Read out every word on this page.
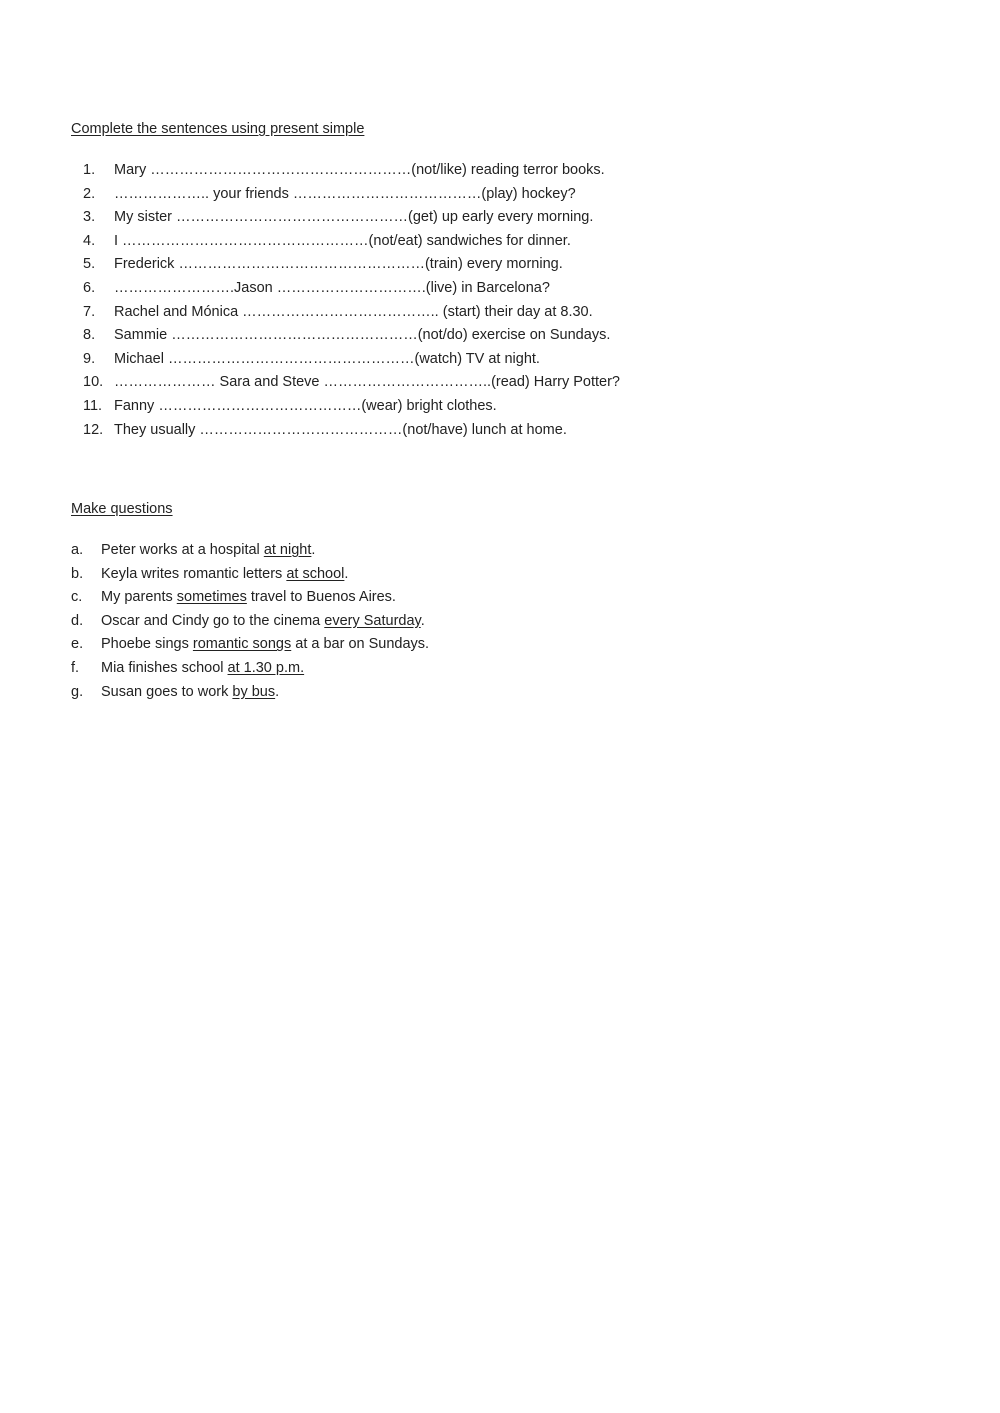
Complete the sentences using present simple
1. Mary ………………………………………………(not/like) reading terror books.
2. ……………….. your friends …………………………………(play) hockey?
3. My sister …………………………………………(get) up early every morning.
4. I ……………………………………………(not/eat) sandwiches for dinner.
5. Frederick ……………………………………………(train) every morning.
6. …………………….Jason ………………………….(live) in Barcelona?
7. Rachel and Mónica ………………………………….. (start) their day at 8.30.
8. Sammie ……………………………………………(not/do) exercise on Sundays.
9. Michael ……………………………………………(watch) TV at night.
10. ………………… Sara and Steve ……………………………..(read) Harry Potter?
11. Fanny ……………………………………(wear) bright clothes.
12. They usually ……………………………………(not/have) lunch at home.
Make questions
a. Peter works at a hospital at night.
b. Keyla writes romantic letters at school.
c. My parents sometimes travel to Buenos Aires.
d. Oscar and Cindy go to the cinema every Saturday.
e. Phoebe sings romantic songs at a bar on Sundays.
f. Mia finishes school at 1.30 p.m.
g. Susan goes to work by bus.
